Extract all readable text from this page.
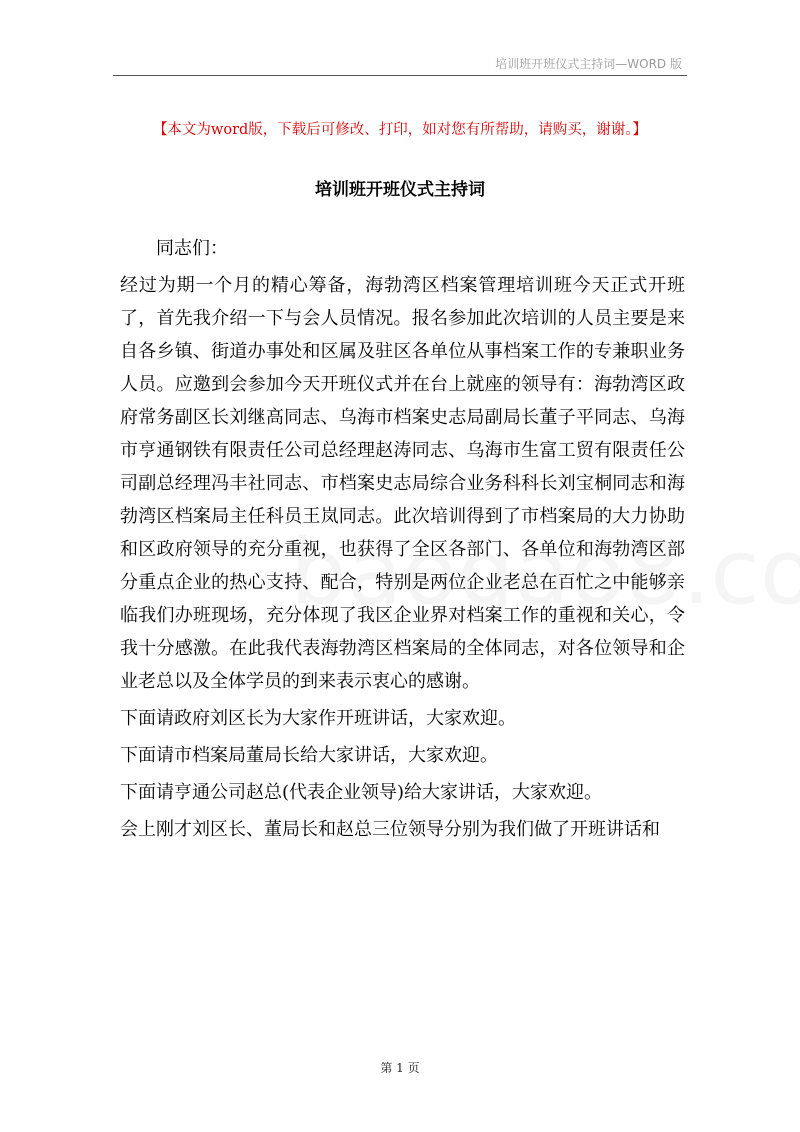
培训班开班仪式主持词—WORD 版
【本文为word版，下载后可修改、打印，如对您有所帮助，请购买，谢谢。】
培训班开班仪式主持词

同志们：

经过为期一个月的精心筹备，海勃湾区档案管理培训班今天正式开班了，首先我介绍一下与会人员情况。报名参加此次培训的人员主要是来自各乡镇、街道办事处和区属及驻区各单位从事档案工作的专兼职业务人员。应邀到会参加今天开班仪式并在台上就座的领导有：海勃湾区政府常务副区长刘继高同志、乌海市档案史志局副局长董子平同志、乌海市亨通钢铁有限责任公司总经理赵涛同志、乌海市生富工贸有限责任公司副总经理冯丰社同志、市档案史志局综合业务科科长刘宝桐同志和海勃湾区档案局主任科员王岚同志。此次培训得到了市档案局的大力协助和区政府领导的充分重视，也获得了全区各部门、各单位和海勃湾区部分重点企业的热心支持、配合，特别是两位企业老总在百忙之中能够亲临我们办班现场，充分体现了我区企业界对档案工作的重视和关心，令我十分感激。在此我代表海勃湾区档案局的全体同志，对各位领导和企业老总以及全体学员的到来表示衷心的感谢。

下面请政府刘区长为大家作开班讲话，大家欢迎。

下面请市档案局董局长给大家讲话，大家欢迎。

下面请亨通公司赵总(代表企业领导)给大家讲话，大家欢迎。

会上刚才刘区长、董局长和赵总三位领导分别为我们做了开班讲话和

第 1 页
